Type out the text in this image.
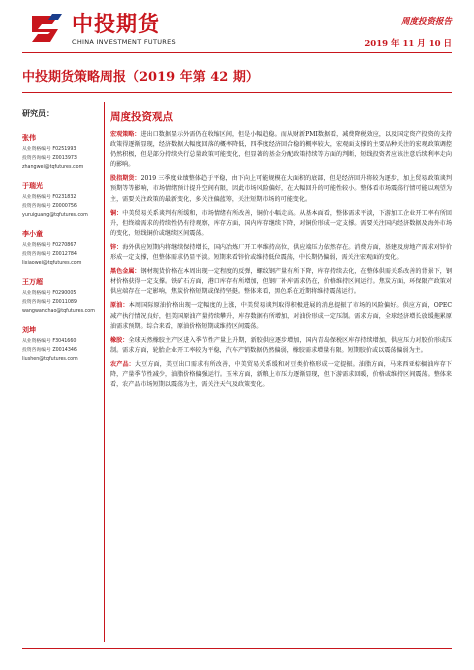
中投期货
CHINA INVESTMENT FUTURES
周度投资报告
2019 年 11 月 10 日
中投期货策略周报（2019 年第 42 期）
研究员：
张伟
从业资格编号 F0251993
投资咨询编号 Z0013973
zhangwei@tqfutures.com
于瑞光
从业资格编号 F0231832
投资咨询编号 Z0000756
yuruiguang@tqfutures.com
李小童
从业资格编号 F0270867
投资咨询编号 Z0012784
lixiaowei@tqfutures.com
王万超
从业资格编号 F0290005
投资咨询编号 Z0011089
wangwanchao@tqfutures.com
刘坤
从业资格编号 F3041660
投资咨询编号 Z0014346
liushen@tqfutures.com
周度投资观点

宏观策略：进出口数据显示外需仍在收缩区间，但是小幅趋稳。而从财新PMI数据看，减费降税效应，以及国定资产投资的支持政策得逐渐显现，经济数据大幅度回落的概率降低，四季度经济回合稳的概率较大，宏观面支撑的主要品种关注的宏观政策调控仍然积极，但是部分持续央行总量政策可能变化，但显著的基金分配政策持续等方面的判断，短线投资者应该注意后续利率走向的影响。

股指期货：2019 三季度业绩整体趋于平稳，由下向上可能规模在大面积的底部，但是经济回升将较为逐步，加上贸易政策谈判预期等等影响，市场情绪预计提升空间有限，因此市场风险偏好，在大幅回升的可能性较小。整体看市场震荡行情可能以观望为主，需要关注政策的最新变化，多关注偏蓝筹，关注短期市场的可能变化。

铜：中美贸易关系谈判有所缓和，市场情绪有所改善，铜价小幅走高。从基本面看，整体需求平淡，下游加工企业开工率有所回升，但终端需求的持续性仍有待观察，库存方面，国内库存继续下降，对铜价形成一定支撑。需要关注国内经济数据及海外市场的变化，短线铜价或继续区间震荡。

锌：海外供应短期内将继续保持增长，国内冶炼厂开工率维持高位，供应端压力依然存在。消费方面，基建及房地产需求对锌价形成一定支撑，但整体需求仍显平淡。短期来看锌价或维持低位震荡，中长期仍偏弱，需关注宏观面的变化。

黑色金属：钢材现货价格在本周出现一定程度的反弹，螺纹钢产量有所下降，库存持续去化，在整体供需关系改善的背景下，钢材价格获得一定支撑。铁矿石方面，港口库存有所增加，但钢厂补库需求仍在，价格维持区间运行。焦炭方面，环保限产政策对供应端存在一定影响，焦炭价格短期或保持坚挺。整体来看，黑色系在近期将维持震荡运行。

原油：本周国际原油价格出现一定幅度的上涨，中美贸易谈判取得积极进展的消息提振了市场的风险偏好。供应方面，OPEC 减产执行情况良好，但美国原油产量持续攀升，库存数据有所增加，对油价形成一定压制。需求方面，全球经济增长放缓拖累原油需求预期。综合来看，原油价格短期或维持区间震荡。

橡胶：全球天然橡胶主产区进入季节性产量上升期，新胶供应逐步增加，国内青岛保税区库存持续增加，供应压力对胶价形成压制。需求方面，轮胎企业开工率较为平稳，汽车产销数据仍然偏弱，橡胶需求增量有限。短期胶价或以震荡偏弱为主。

农产品：大豆方面，美豆出口需求有所改善，中美贸易关系缓和对豆类价格形成一定提振。油脂方面，马来西亚棕榈油库存下降，产量季节性减少，油脂价格偏强运行。玉米方面，新粮上市压力逐渐显现，但下游需求回暖，价格或维持区间震荡。整体来看，农产品市场短期以震荡为主，需关注天气及政策变化。
